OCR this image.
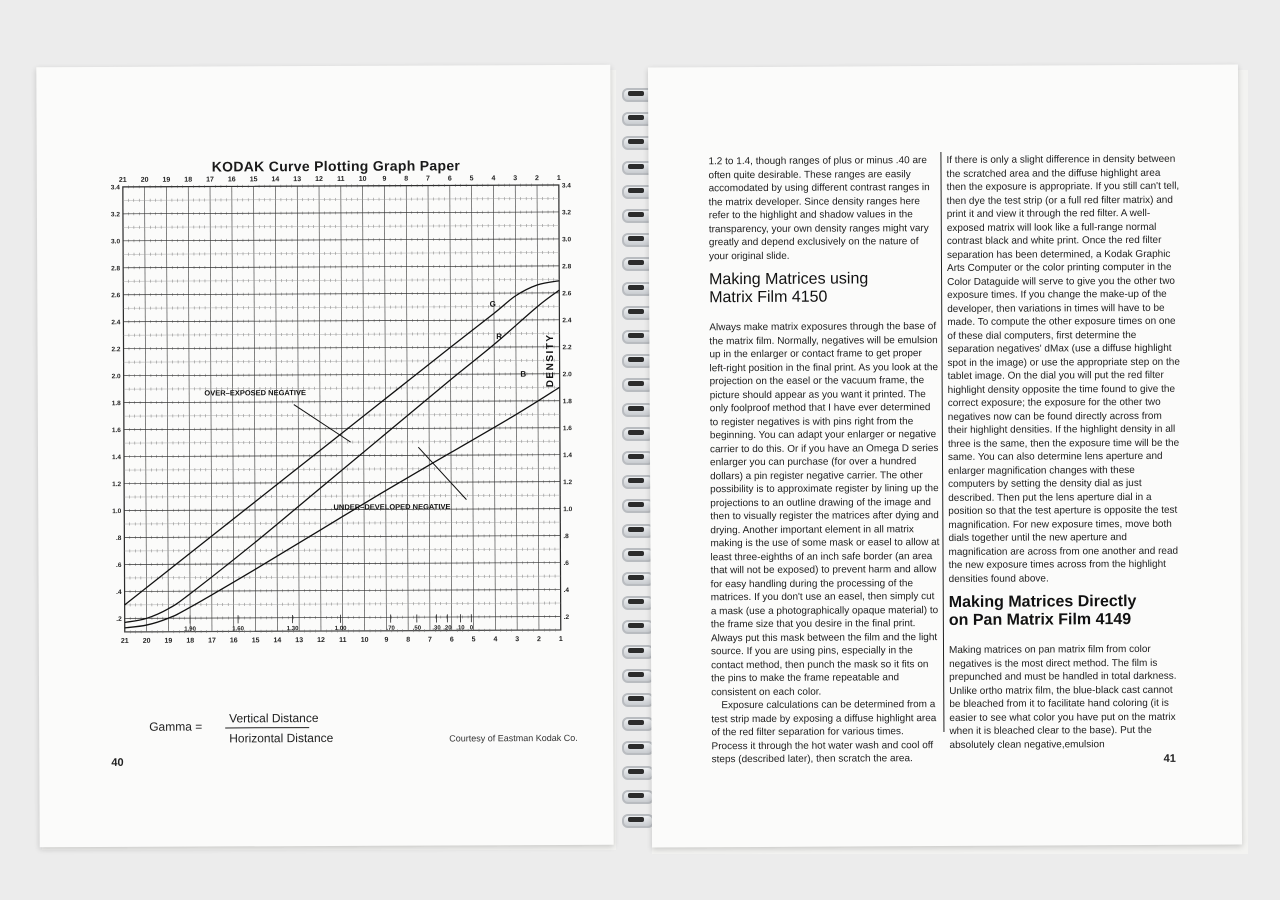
KODAK Curve Plotting Graph Paper
21 20 19 18 17 16 15 14 13 12 11 10 9	8	7	6	5	4	3	2	1
21 20 19 18 17 16 15 14 13 12 11 10 9	8	7	6	5	4	3	2	1
3.4	3.4
3.2	3.2
3.0	3.0
2.8	2.8
2.6	2.6
2.4	2.4
2.2	2.2
2.0	2.0
1.8	1.8
1.6	1.6
1.4	1.4
1.2	1.2
1.0	1.0
.8	.8
.6	.6
.4	.4
.2	.2
1.90	1.60	1.30	1.00	.70	.50 .30 .20 .10 0
G
R
B DENSITY
OVER–EXPOSED NEGATIVE
UNDER–DEVELOPED NEGATIVE
Gamma =
Vertical Distance
Horizontal Distance	Courtesy of Eastman Kodak Co.
40

1.2 to 1.4, though ranges of plus or minus .40 are often quite desirable. These ranges are easily accomodated by using different contrast ranges in the matrix developer. Since density ranges here refer to the highlight and shadow values in the transparency, your own density ranges might vary greatly and depend exclusively on the nature of your original slide.

Making Matrices using
Matrix Film 4150

Always make matrix exposures through the base of the matrix film. Normally, negatives will be emulsion up in the enlarger or contact frame to get proper left-right position in the final print. As you look at the projection on the easel or the vacuum frame, the picture should appear as you want it printed. The only foolproof method that I have ever determined to register negatives is with pins right from the beginning. You can adapt your enlarger or negative carrier to do this. Or if you have an Omega D series enlarger you can purchase (for over a hundred dollars) a pin register negative carrier. The other possibility is to approximate register by lining up the projections to an outline drawing of the image and then to visually register the matrices after dying and drying. Another important element in all matrix making is the use of some mask or easel to allow at least three-eighths of an inch safe border (an area that will not be exposed) to prevent harm and allow for easy handling during the processing of the matrices. If you don't use an easel, then simply cut a mask (use a photographically opaque material) to the frame size that you desire in the final print. Always put this mask between the film and the light source. If you are using pins, especially in the contact method, then punch the mask so it fits on the pins to make the frame repeatable and consistent on each color.

Exposure calculations can be determined from a test strip made by exposing a diffuse highlight area of the red filter separation for various times. Process it through the hot water wash and cool off steps (described later), then scratch the area.

If there is only a slight difference in density between the scratched area and the diffuse highlight area then the exposure is appropriate. If you still can't tell, then dye the test strip (or a full red filter matrix) and print it and view it through the red filter. A well-exposed matrix will look like a full-range normal contrast black and white print. Once the red filter separation has been determined, a Kodak Graphic Arts Computer or the color printing computer in the Color Dataguide will serve to give you the other two exposure times. If you change the make-up of the developer, then variations in times will have to be made. To compute the other exposure times on one of these dial computers, first determine the separation negatives' dMax (use a diffuse highlight spot in the image) or use the appropriate step on the tablet image. On the dial you will put the red filter highlight density opposite the time found to give the correct exposure; the exposure for the other two negatives now can be found directly across from their highlight densities. If the highlight density in all three is the same, then the exposure time will be the same. You can also determine lens aperture and enlarger magnification changes with these computers by setting the density dial as just described. Then put the lens aperture dial in a position so that the test aperture is opposite the test magnification. For new exposure times, move both dials together until the new aperture and magnification are across from one another and read the new exposure times across from the highlight densities found above.

Making Matrices Directly
on Pan Matrix Film 4149

Making matrices on pan matrix film from color negatives is the most direct method. The film is prepunched and must be handled in total darkness. Unlike ortho matrix film, the blue-black cast cannot be bleached from it to facilitate hand coloring (it is easier to see what color you have put on the matrix when it is bleached clear to the base). Put the absolutely clean negative,emulsion

41
